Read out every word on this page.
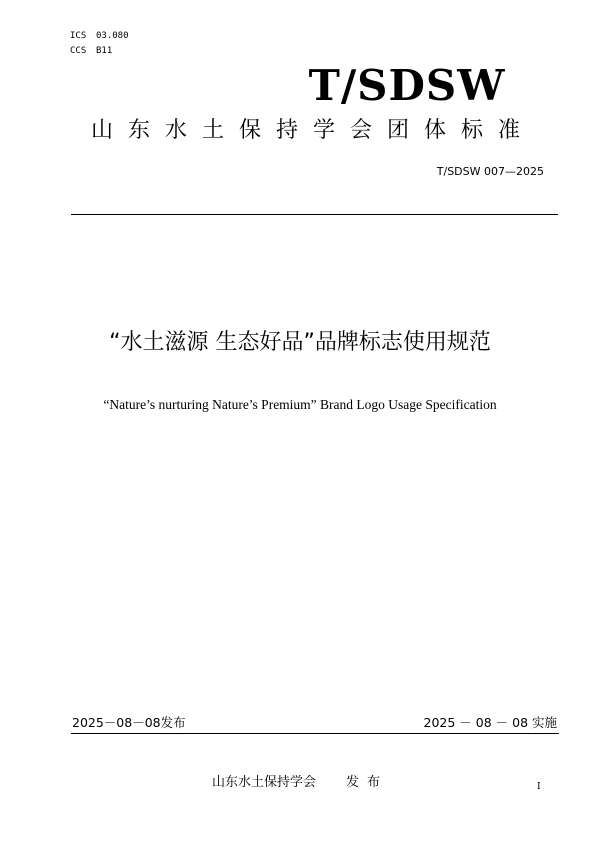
ICS 03.080
CCS B11
T/SDSW
山东水土保持学会团体标准
T/SDSW 007—2025
“水土滋源 生态好品”品牌标志使用规范
“Nature’s nurturing Nature’s Premium” Brand Logo Usage Specification
2025－08－08发布	2025 － 08 － 08 实施
山东水土保持学会 发布	I
